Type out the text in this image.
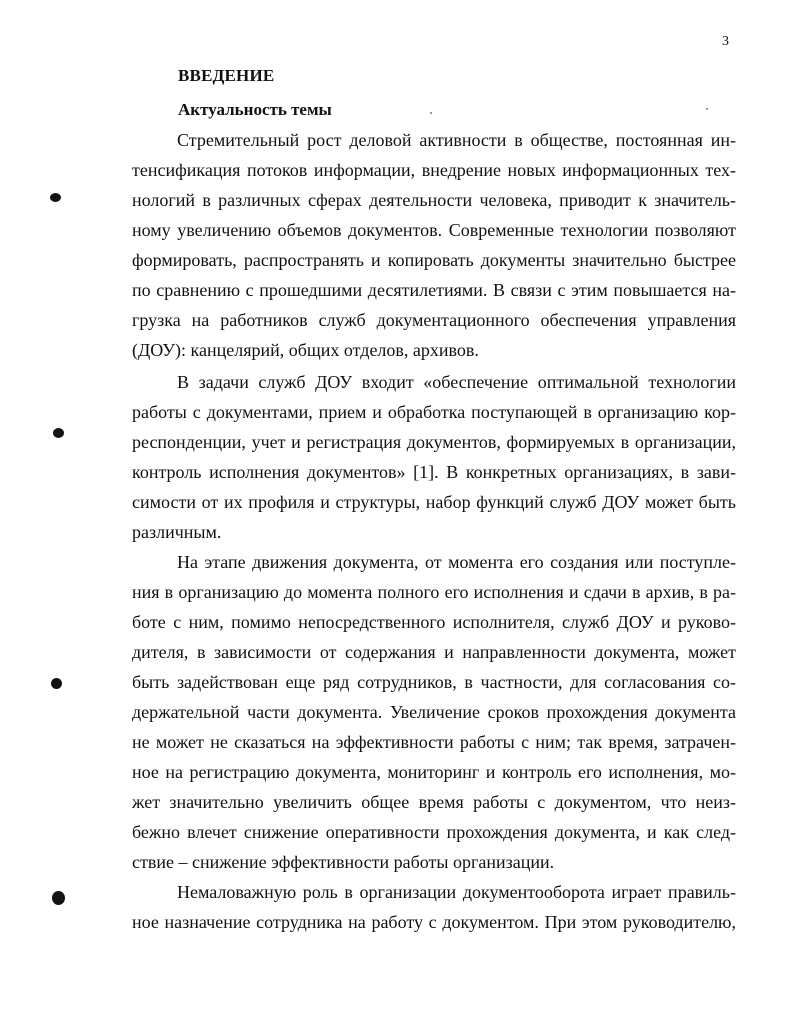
3
ВВЕДЕНИЕ
Актуальность темы
Стремительный рост деловой активности в обществе, постоянная ин-
тенсификация потоков информации, внедрение новых информационных тех-
нологий в различных сферах деятельности человека, приводит к значитель-
ному увеличению объемов документов. Современные технологии позволяют
формировать, распространять и копировать документы значительно быстрее
по сравнению с прошедшими десятилетиями. В связи с этим повышается на-
грузка на работников служб документационного обеспечения управления
(ДОУ): канцелярий, общих отделов, архивов.
В задачи служб ДОУ входит «обеспечение оптимальной технологии
работы с документами, прием и обработка поступающей в организацию кор-
респонденции, учет и регистрация документов, формируемых в организации,
контроль исполнения документов» [1]. В конкретных организациях, в зави-
симости от их профиля и структуры, набор функций служб ДОУ может быть
различным.
На этапе движения документа, от момента его создания или поступле-
ния в организацию до момента полного его исполнения и сдачи в архив, в ра-
боте с ним, помимо непосредственного исполнителя, служб ДОУ и руково-
дителя, в зависимости от содержания и направленности документа, может
быть задействован еще ряд сотрудников, в частности, для согласования со-
держательной части документа. Увеличение сроков прохождения документа
не может не сказаться на эффективности работы с ним; так время, затрачен-
ное на регистрацию документа, мониторинг и контроль его исполнения, мо-
жет значительно увеличить общее время работы с документом, что неиз-
бежно влечет снижение оперативности прохождения документа, и как след-
ствие – снижение эффективности работы организации.
Немаловажную роль в организации документооборота играет правиль-
ное назначение сотрудника на работу с документом. При этом руководителю,
